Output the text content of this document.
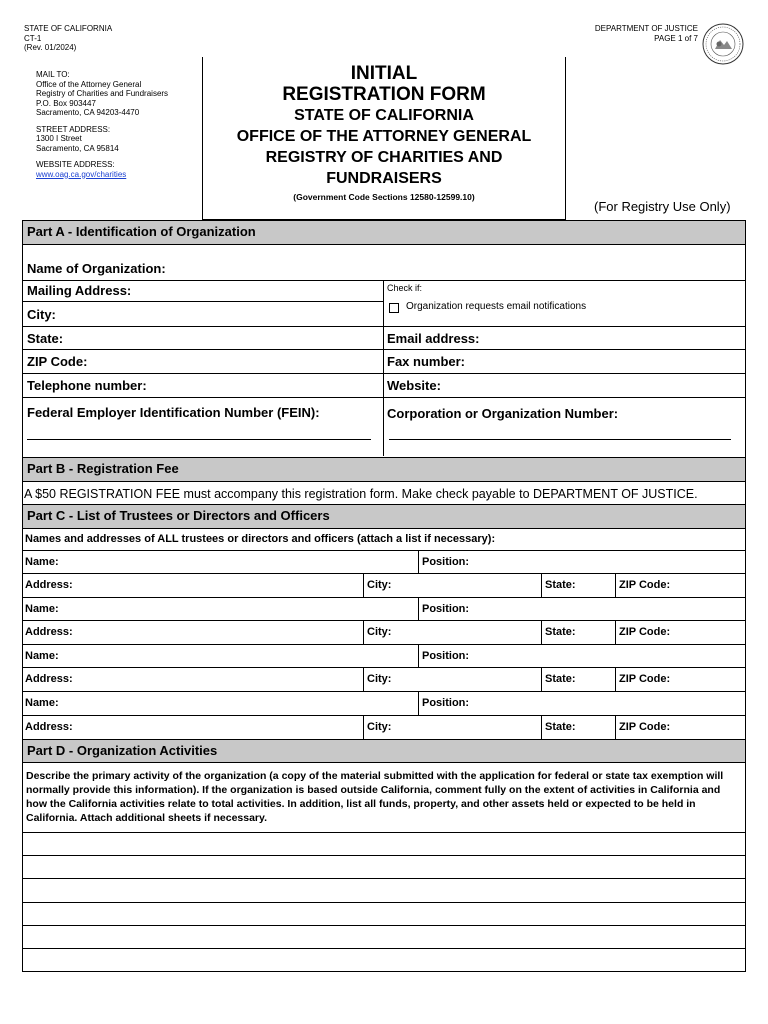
STATE OF CALIFORNIA
CT-1
(Rev. 01/2024)
DEPARTMENT OF JUSTICE
PAGE 1 of 7
MAIL TO:
Office of the Attorney General
Registry of Charities and Fundraisers
P.O. Box 903447
Sacramento, CA 94203-4470
STREET ADDRESS:
1300 I Street
Sacramento, CA 95814
WEBSITE ADDRESS:
www.oag.ca.gov/charities
INITIAL
REGISTRATION FORM
STATE OF CALIFORNIA
OFFICE OF THE ATTORNEY GENERAL
REGISTRY OF CHARITIES AND
FUNDRAISERS
(Government Code Sections 12580-12599.10)
(For Registry Use Only)
Part A - Identification of Organization
Name of Organization:
Mailing Address:
City:
Check if:
Organization requests email notifications
State:	Email address:
ZIP Code:	Fax number:
Telephone number:	Website:
Federal Employer Identification Number (FEIN):	Corporation or Organization Number:
Part B - Registration Fee
A $50 REGISTRATION FEE must accompany this registration form. Make check payable to DEPARTMENT OF JUSTICE.
Part C - List of Trustees or Directors and Officers
Names and addresses of ALL trustees or directors and officers (attach a list if necessary):
Name:	Position:
Address:	City:	State:	ZIP Code:
Name:	Position:
Address:	City:	State:	ZIP Code:
Name:	Position:
Address:	City:	State:	ZIP Code:
Name:	Position:
Address:	City:	State:	ZIP Code:
Part D - Organization Activities
Describe the primary activity of the organization (a copy of the material submitted with the application for federal or state tax exemption will normally provide this information). If the organization is based outside California, comment fully on the extent of activities in California and how the California activities relate to total activities. In addition, list all funds, property, and other assets held or expected to be held in California. Attach additional sheets if necessary.
